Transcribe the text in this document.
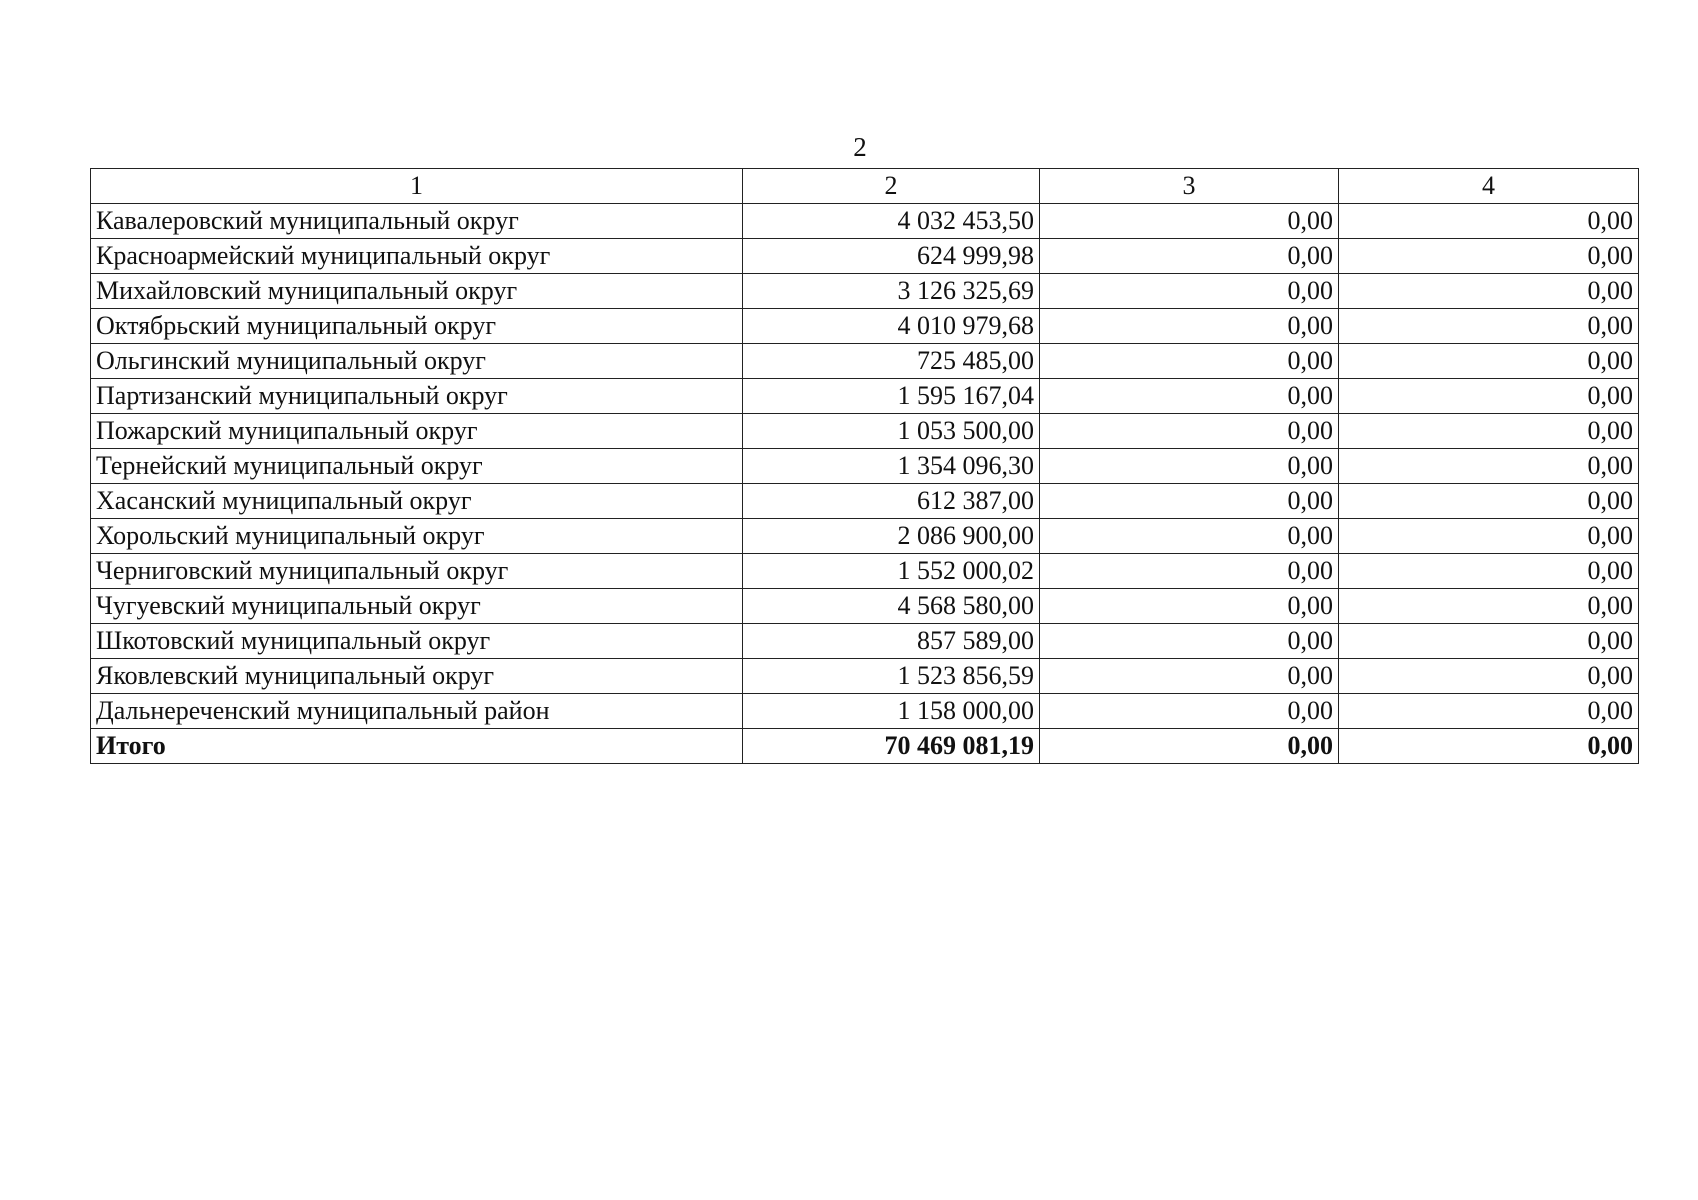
2
1	2	3	4
Кавалеровский муниципальный округ	4 032 453,50	0,00	0,00
Красноармейский муниципальный округ	624 999,98	0,00	0,00
Михайловский муниципальный округ	3 126 325,69	0,00	0,00
Октябрьский муниципальный округ	4 010 979,68	0,00	0,00
Ольгинский муниципальный округ	725 485,00	0,00	0,00
Партизанский муниципальный округ	1 595 167,04	0,00	0,00
Пожарский муниципальный округ	1 053 500,00	0,00	0,00
Тернейский муниципальный округ	1 354 096,30	0,00	0,00
Хасанский муниципальный округ	612 387,00	0,00	0,00
Хорольский муниципальный округ	2 086 900,00	0,00	0,00
Черниговский муниципальный округ	1 552 000,02	0,00	0,00
Чугуевский муниципальный округ	4 568 580,00	0,00	0,00
Шкотовский муниципальный округ	857 589,00	0,00	0,00
Яковлевский муниципальный округ	1 523 856,59	0,00	0,00
Дальнереченский муниципальный район	1 158 000,00	0,00	0,00
Итого	70 469 081,19	0,00	0,00
